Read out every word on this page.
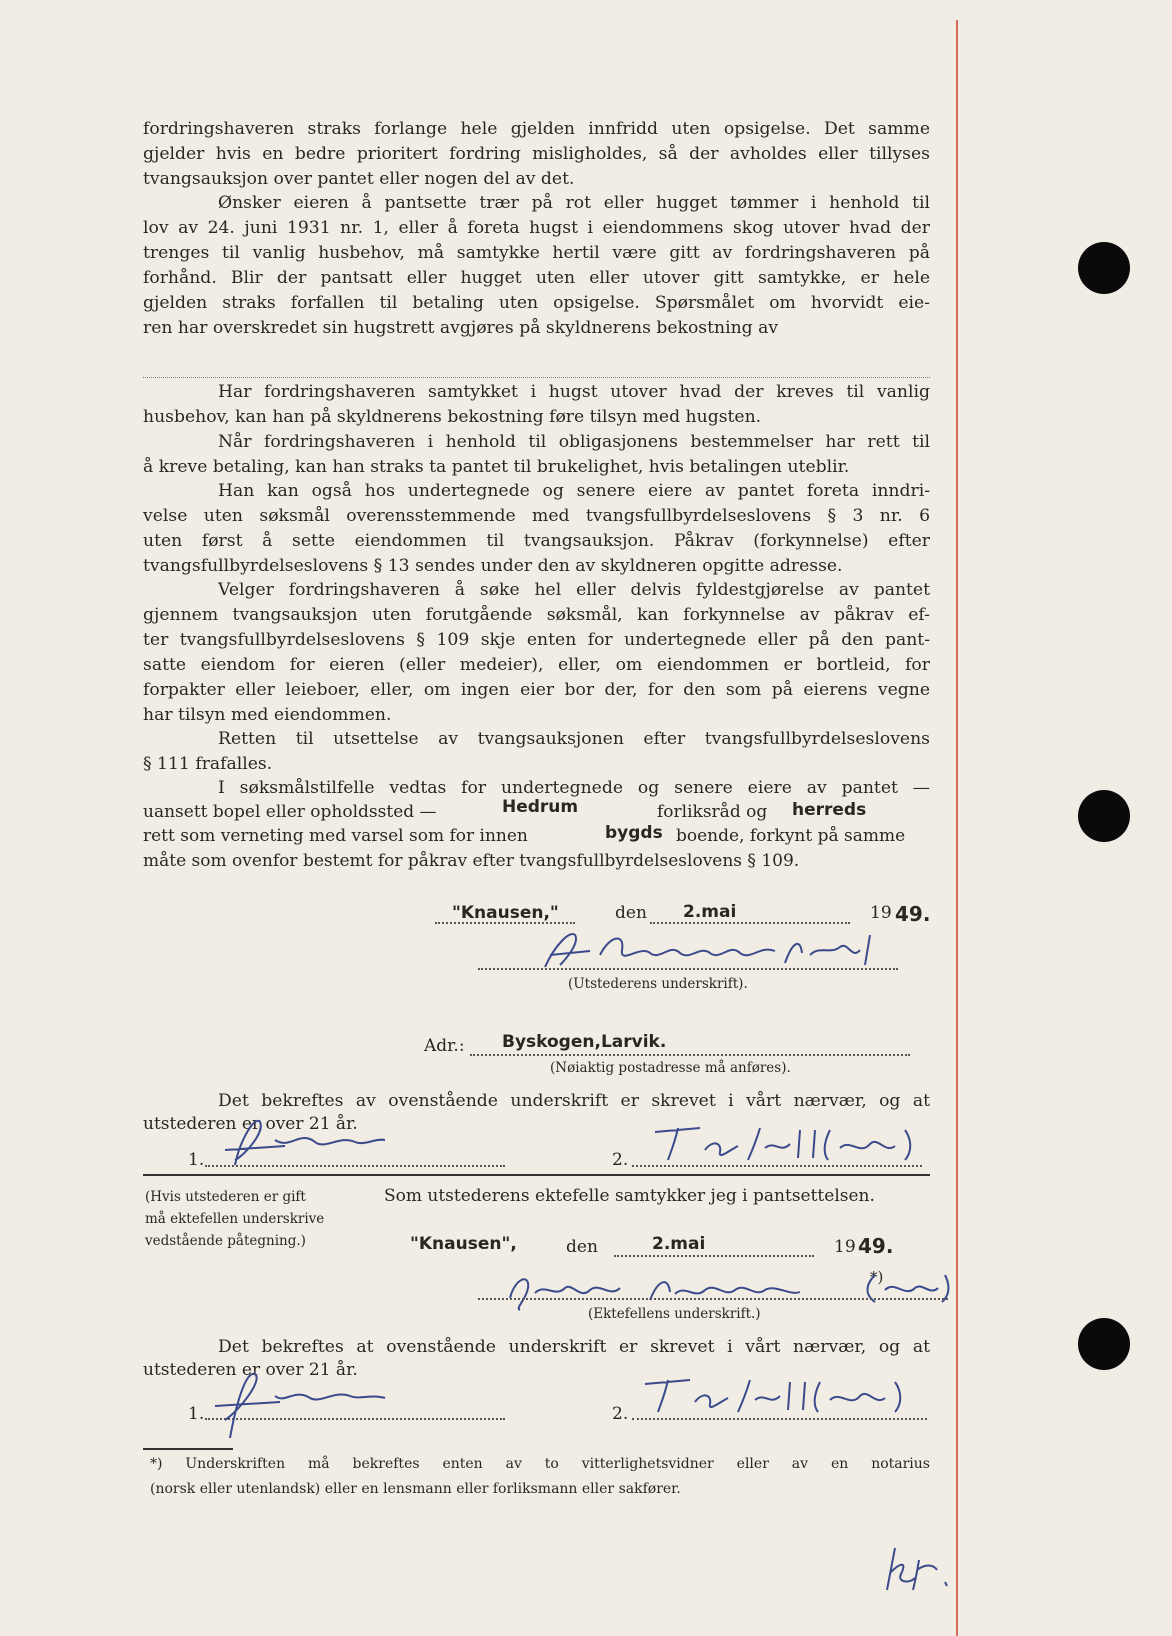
fordringshaveren straks forlange hele gjelden innfridd uten opsigelse. Det samme
gjelder hvis en bedre prioritert fordring misligholdes, så der avholdes eller tillyses
tvangsauksjon over pantet eller nogen del av det.
Ønsker eieren å pantsette trær på rot eller hugget tømmer i henhold til
lov av 24. juni 1931 nr. 1, eller å foreta hugst i eiendommens skog utover hvad der
trenges til vanlig husbehov, må samtykke hertil være gitt av fordringshaveren på
forhånd. Blir der pantsatt eller hugget uten eller utover gitt samtykke, er hele
gjelden straks forfallen til betaling uten opsigelse. Spørsmålet om hvorvidt eie-
ren har overskredet sin hugstrett avgjøres på skyldnerens bekostning av
Har fordringshaveren samtykket i hugst utover hvad der kreves til vanlig
husbehov, kan han på skyldnerens bekostning føre tilsyn med hugsten.
Når fordringshaveren i henhold til obligasjonens bestemmelser har rett til
å kreve betaling, kan han straks ta pantet til brukelighet, hvis betalingen uteblir.
Han kan også hos undertegnede og senere eiere av pantet foreta inndri-
velse uten søksmål overensstemmende med tvangsfullbyrdelseslovens § 3 nr. 6
uten først å sette eiendommen til tvangsauksjon. Påkrav (forkynnelse) efter
tvangsfullbyrdelseslovens § 13 sendes under den av skyldneren opgitte adresse.
Velger fordringshaveren å søke hel eller delvis fyldestgjørelse av pantet
gjennem tvangsauksjon uten forutgående søksmål, kan forkynnelse av påkrav ef-
ter tvangsfullbyrdelseslovens § 109 skje enten for undertegnede eller på den pant-
satte eiendom for eieren (eller medeier), eller, om eiendommen er bortleid, for
forpakter eller leieboer, eller, om ingen eier bor der, for den som på eierens vegne
har tilsyn med eiendommen.
Retten til utsettelse av tvangsauksjonen efter tvangsfullbyrdelseslovens
§ 111 frafalles.
I søksmålstilfelle vedtas for undertegnede og senere eiere av pantet —
uansett bopel eller opholdssted —	Hedrum	forliksråd og herreds
rett som verneting med varsel som for innen	bygds boende, forkynt på samme
måte som ovenfor bestemt for påkrav efter tvangsfullbyrdelseslovens § 109.
"Knausen,"	den 2.mai	19 49.
(Utstederens underskrift).
Adr.: Byskogen,Larvik.
(Nøiaktig postadresse må anføres).
Det bekreftes av ovenstående underskrift er skrevet i vårt nærvær, og at
utstederen er over 21 år.
1.	2.
(Hvis utstederen er gift
må ektefellen underskrive
vedstående påtegning.)
Som utstederens ektefelle samtykker jeg i pantsettelsen.
"Knausen",	den	2.mai	19 49.
*)
(Ektefellens underskrift.)
Det bekreftes at ovenstående underskrift er skrevet i vårt nærvær, og at
utstederen er over 21 år.
1.	2.
*) Underskriften må bekreftes enten av to vitterlighetsvidner eller av en notarius
(norsk eller utenlandsk) eller en lensmann eller forliksmann eller sakfører.
